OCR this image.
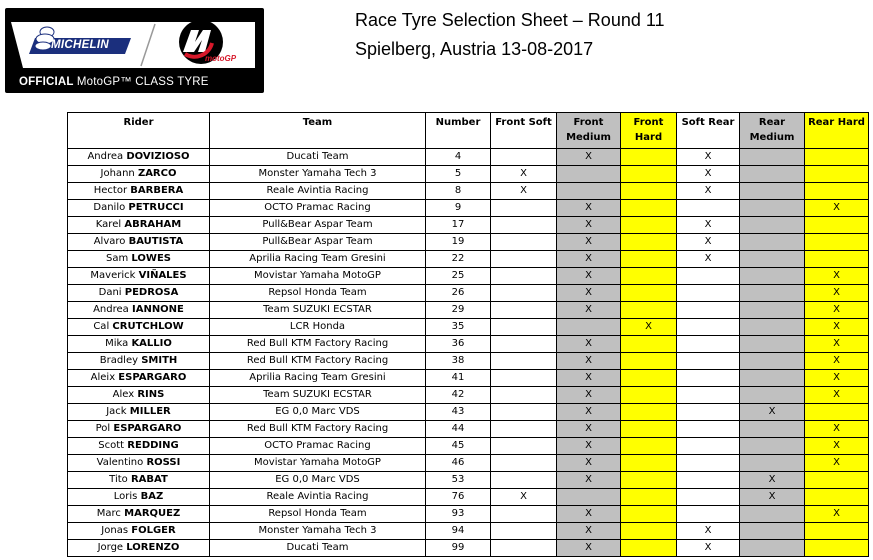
MICHELIN
motoGP
OFFICIAL MotoGP™ CLASS TYRE
Race Tyre Selection Sheet – Round 11
Spielberg, Austria 13-08-2017
Rider	Team	Number	Front Soft	Front Medium	Front Hard	Soft Rear	Rear Medium	Rear Hard
Andrea DOVIZIOSO	Ducati Team	4		X		X		
Johann ZARCO	Monster Yamaha Tech 3	5	X			X		
Hector BARBERA	Reale Avintia Racing	8	X			X		
Danilo PETRUCCI	OCTO Pramac Racing	9		X				X
Karel ABRAHAM	Pull&Bear Aspar Team	17		X		X		
Alvaro BAUTISTA	Pull&Bear Aspar Team	19		X		X		
Sam LOWES	Aprilia Racing Team Gresini	22		X		X		
Maverick VIÑALES	Movistar Yamaha MotoGP	25		X				X
Dani PEDROSA	Repsol Honda Team	26		X				X
Andrea IANNONE	Team SUZUKI ECSTAR	29		X				X
Cal CRUTCHLOW	LCR Honda	35			X			X
Mika KALLIO	Red Bull KTM Factory Racing	36		X				X
Bradley SMITH	Red Bull KTM Factory Racing	38		X				X
Aleix ESPARGARO	Aprilia Racing Team Gresini	41		X				X
Alex RINS	Team SUZUKI ECSTAR	42		X				X
Jack MILLER	EG 0,0 Marc VDS	43		X			X	
Pol ESPARGARO	Red Bull KTM Factory Racing	44		X				X
Scott REDDING	OCTO Pramac Racing	45		X				X
Valentino ROSSI	Movistar Yamaha MotoGP	46		X				X
Tito RABAT	EG 0,0 Marc VDS	53		X			X	
Loris BAZ	Reale Avintia Racing	76	X				X	
Marc MARQUEZ	Repsol Honda Team	93		X				X
Jonas FOLGER	Monster Yamaha Tech 3	94		X		X		
Jorge LORENZO	Ducati Team	99		X		X		
